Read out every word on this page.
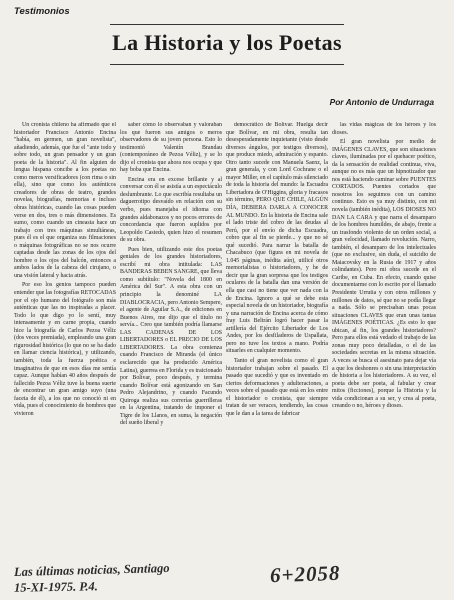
Testimonios
La Historia y los Poetas
Por Antonio de Undurraga

Un cronista chileno ha afirmado que el historiador Francisco Antonio Encina "había, en germen, un gran novelista", añadiendo, además, que fue el "ante todo y sobre todo, un gran pensador y un gran poeta de la historia". Al fin alguien de lengua hispana concibe a los poetas no como meros versificadores (con rima o sin ella), sino que como los auténticos creadores de obras de teatro, grandes novelas, biografías, memorias e incluso obras históricas, cuando las cosas pueden verse en dos, tres o más dimensiones. Es sumo, como cuando un cineasta hace un trabajo con tres máquinas simultáneas, pues él es el que organiza sus filmaciones o máquinas fotográficas no se nos ocurre captadas desde las zonas de los ojos del hombre o los ojos del balcón, entonces a ambos lados de la cabeza del cirujano, o una visión lateral y hacia atrás.

Por eso los genios tampoco pueden entender que las fotografías RETOCADAS por el ojo humano del fotógrafo son más auténticas que las no inspiradas a placer. Todo lo que digo yo lo sentí, muy intensamente y en carne propia, cuando hice la biografía de Carlos Pezoa Véliz (dos veces premiada), empleando una gran rigurosidad histórica (lo que no se ha dado en llamar ciencia histórica), y utilizando, también, toda la fuerza poética e imaginativa de que en esos días me sentía capaz. Aunque habían 40 años después de fallecido Pezoa Véliz tuve la buena suerte de encontrar un gran amigo suyo (una faceta de él), a los que no conoció ni en vida, pues el conocimiento de hombres que vivieron

saber cómo lo observaban y valoraban los que fueron sus amigos o meros observadores de su joven persona. Esto lo testimonió Valentín Brandau (contemporáneo de Pezoa Véliz), y se lo dijo el cronista que ahora nos ocupa y que hay boba que Encina.

Encina era en excese brillante y al conversar con él se asistía a un espectáculo deslumbrante. Lo que escribía resultaba un daguerrotipo desvaído en relación con su verbo, pues manejaba el idioma con grandes aldabonazos y no pocos errores de concordancia que fueron suplidos por Leopoldo Castedo, quien hizo el resumen de su obra.

Pues bien, utilizando este dos poetas geniales de los grandes historiadores, escribí mi obra intitulada: LAS BANDERAS BEBEN SANGRE, que lleva como subtítulo: "Novela del 1800 en América del Sur". A esta obra con un principio la denominé LA DIABLOCRACIA, pero Antonio Sempere, el agente de Aguilar S.A., de ediciones en Buenos Aires, me dijo que el título no servía... Creo que también podría llamarse LAS CADENAS DE LOS LIBERTADORES o EL PRECIO DE LOS LIBERTADORES. La obra comienza cuando Francisco de Miranda (el único esclarecido que ha producido América Latina), guerrea en Florida y es traicionado por Bolívar, poco después, y termina cuando Bolívar está agonizando en San Pedro Alejandrino, y cuando Facundo Quiroga realiza sus correrías guerrilleras en la Argentina, tratando de imponer el Tigre de los Llanos, en suma, la negación del sueño liberal y

democrático de Bolívar. Huelga decir que Bolívar, en mi obra, resulta tan desesperadamente inquietante (visto desde diversos ángulos, por testigos diversos), que produce miedo, admiración y espanto. Otro tanto sucede con Manuela Saenz, la gran generala, y con Lord Cochrane o el mayor Miller, en el capítulo más silenciado de toda la historia del mundo: la Escuadra Libertadora de O'Higgins, gloria y fracasos sin término, PERO QUE CHILE, ALGÚN DÍA, DEBIERA DARLA A CONOCER AL MUNDO. En la historia de Encina sale el lado triste del cobro de las deudas al Perú, por el envío de dicha Escuadra, cobro que al fin se pierde... y que no sé qué sucedió. Para narrar la batalla de Chacabuco (que figura en mi novela de 1.045 páginas, inédita aún), utilicé otros memorialistas o historiadores, y he de decir que la gran sorpresa que los testigos oculares de la batalla dan una versión de ella que casi no tiene que ver nada con la de Encina. Ignoro a qué se debe esta especial novela de un historiador, biografía y una narración de Encina acerca de cómo fray Luis Beltrán logró hacer pasar la artillería del Ejército Libertador de Los Andes, por los desfiladeros de Uspallata, pero no tuve los textos a mano. Podría situarles en cualquier momento.

Tanto el gran novelista como el gran historiador trabajan sobre el pasado. El pasado que sucedió y que es inventado en ciertos deformaciones y adulteraciones, a veces sobre el pasado que está en los entre el historiador o cronista, que siempre tratan de ser veraces, tendiendo, las cosas que le dan a la tarea de fabricar

las vidas mágicas de los héroes y los dioses.

El gran novelista por medio de IMÁGENES CLAVES, que son situaciones claves, iluminadas por el quehacer poético, da la sensación de realidad continua, viva, aunque no es más que un hipnotizador que nos está haciendo caminar sobre PUENTES CORTADOS. Puentes cortados que nosotros los seguimos con un camino continuo. Esto es ya muy distinto, con mi novela (también inédita), LOS DIOSES NO DAN LA CARA y que narra el desamparo de los hombres humildes, de abajo, frente a un trasfondo violento de un orden social, a gran velocidad, llamado revolución. Narro, también, el desamparo de los intelectuales (que no exclusive, sin duda, el suicidio de Maiacovsky en la Rusia de 1917 y años colindantes). Pero mi obra sucede en el Caribe, en Cuba. En efecto, cuando quise documentarme con lo escrito por el llamado Presidente Urrutia y con otros millones y millones de datos, sé que no se podía llegar a nada. Sólo se precisaban unas pocas situaciones CLAVES que eran unas tantas IMÁGENES POÉTICAS. ¿Es esto lo que ubican, al fin, los grandes historiadores? Pero para ellos está vedado el trabajo de las zonas muy poco detalladas, o el de las sociedades secretas en la misma situación. A veces se busca el asesinato para dejar vía a que los deshonres o sin una interpretación de historia a los historiadores. A su vez, el poeta debe ser poeta, al fabular y crear mitos (ficciones), porque la Historia y la vida condicionan a su ser, y crea al poeta, creando o no, héroes y dioses.

Las últimas noticias, Santiago
15-XI-1975. P.4.	6+2058
